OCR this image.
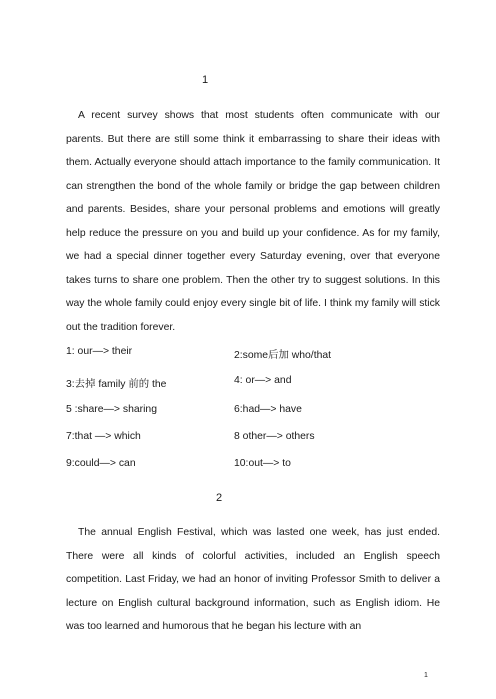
1

A recent survey shows that most students often communicate with our parents. But there are still some think it embarrassing to share their ideas with them. Actually everyone should attach importance to the family communication. It can strengthen the bond of the whole family or bridge the gap between children and parents. Besides, share your personal problems and emotions will greatly help reduce the pressure on you and build up your confidence. As for my family, we had a special dinner together every Saturday evening, over that everyone takes turns to share one problem. Then the other try to suggest solutions. In this way the whole family could enjoy every single bit of life. I think my family will stick out the tradition forever.

1: our—> their	2:some后加 who/that
3:去掉 family 前的 the	4: or—> and
5 :share—> sharing	6:had—> have
7:that —> which	8 other—> others
9:could—> can	10:out—> to
2

The annual English Festival, which was lasted one week, has just ended. There were all kinds of colorful activities, included an English speech competition. Last Friday, we had an honor of inviting Professor Smith to deliver a lecture on English cultural background information, such as English idiom. He was too learned and humorous that he began his lecture with an

1
